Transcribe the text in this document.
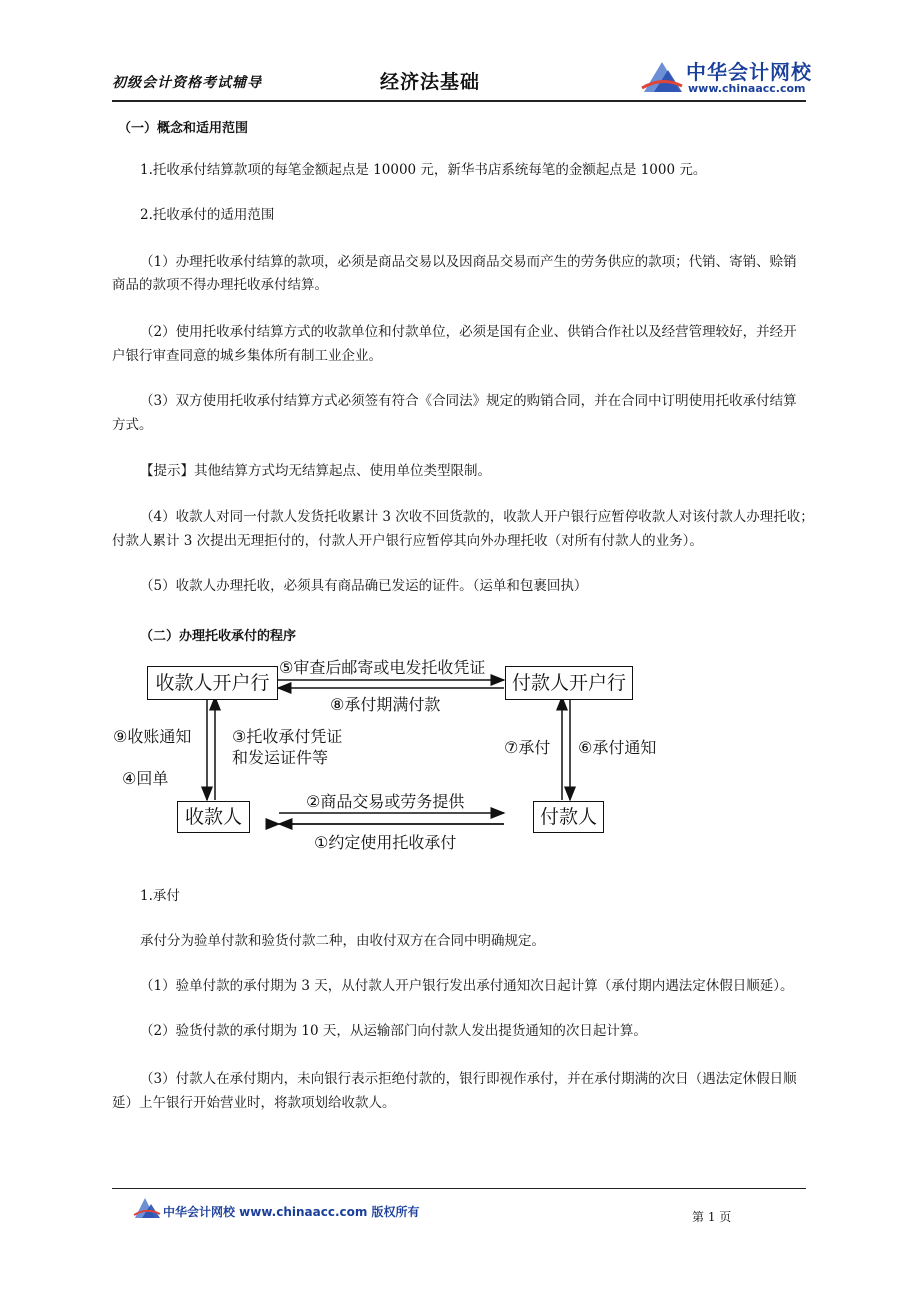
初级会计资格考试辅导	经济法基础	中华会计网校
www.chinaacc.com
（一）概念和适用范围
1.托收承付结算款项的每笔金额起点是 10000 元，新华书店系统每笔的金额起点是 1000 元。
2.托收承付的适用范围
（1）办理托收承付结算的款项，必须是商品交易以及因商品交易而产生的劳务供应的款项；代销、寄销、赊销
商品的款项不得办理托收承付结算。
（2）使用托收承付结算方式的收款单位和付款单位，必须是国有企业、供销合作社以及经营管理较好，并经开
户银行审查同意的城乡集体所有制工业企业。
（3）双方使用托收承付结算方式必须签有符合《合同法》规定的购销合同，并在合同中订明使用托收承付结算
方式。
【提示】其他结算方式均无结算起点、使用单位类型限制。
（4）收款人对同一付款人发货托收累计 3 次收不回货款的，收款人开户银行应暂停收款人对该付款人办理托收；
付款人累计 3 次提出无理拒付的，付款人开户银行应暂停其向外办理托收（对所有付款人的业务）。
（5）收款人办理托收，必须具有商品确已发运的证件。（运单和包裹回执）
（二）办理托收承付的程序
收款人开户行	付款人开户行
收款人	付款人
⑤审查后邮寄或电发托收凭证
⑧承付期满付款
⑨收账通知	③托收承付凭证
和发运证件等
④回单
⑦承付 ⑥承付通知
②商品交易或劳务提供
①约定使用托收承付
1.承付
承付分为验单付款和验货付款二种，由收付双方在合同中明确规定。
（1）验单付款的承付期为 3 天，从付款人开户银行发出承付通知次日起计算（承付期内遇法定休假日顺延）。
（2）验货付款的承付期为 10 天，从运输部门向付款人发出提货通知的次日起计算。
（3）付款人在承付期内，未向银行表示拒绝付款的，银行即视作承付，并在承付期满的次日（遇法定休假日顺
延）上午银行开始营业时，将款项划给收款人。
中华会计网校 www.chinaacc.com 版权所有	第 1 页
